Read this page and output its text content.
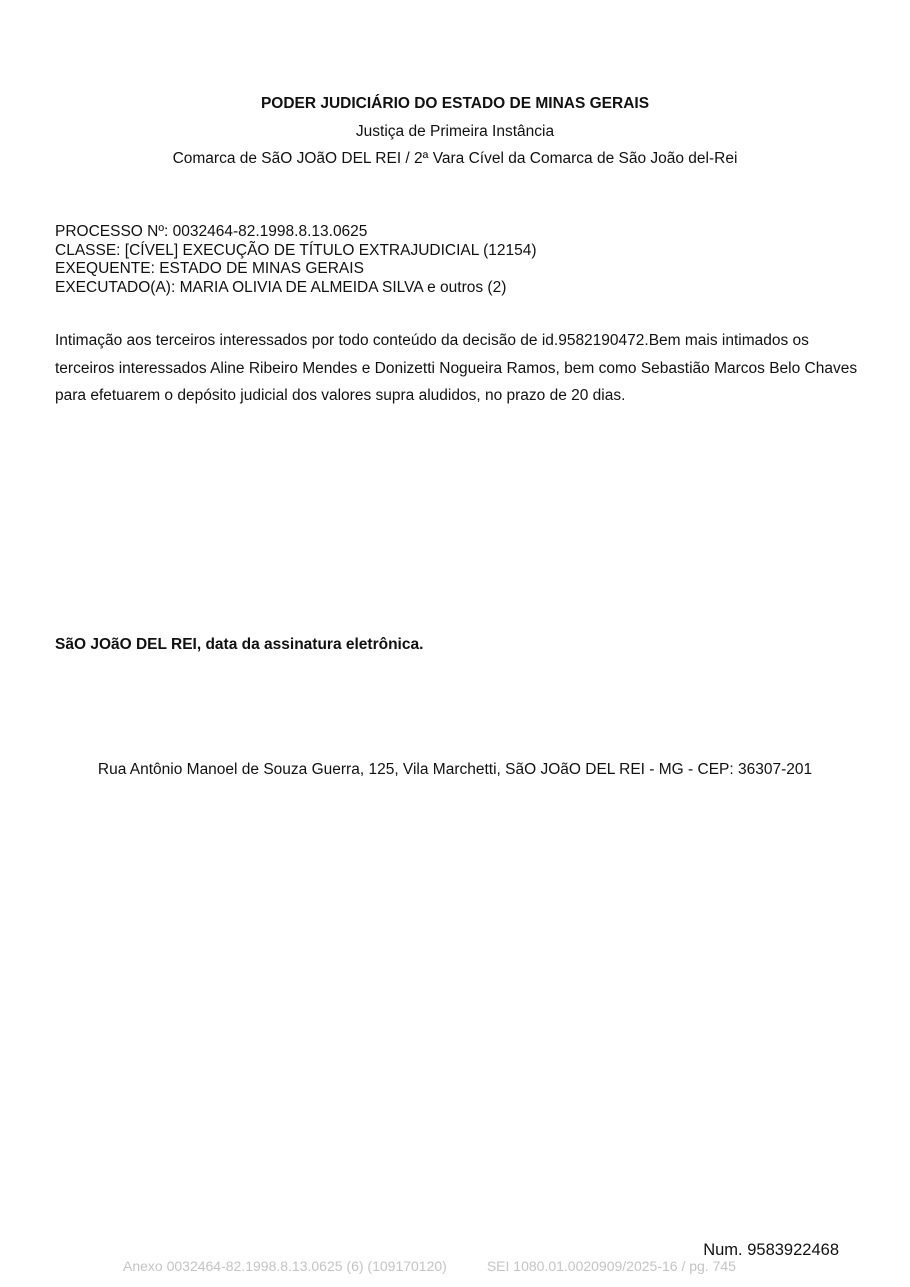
PODER JUDICIÁRIO DO ESTADO DE MINAS GERAIS
Justiça de Primeira Instância
Comarca de SãO JOãO DEL REI / 2ª Vara Cível da Comarca de São João del-Rei
PROCESSO Nº: 0032464-82.1998.8.13.0625
CLASSE: [CÍVEL] EXECUÇÃO DE TÍTULO EXTRAJUDICIAL (12154)
EXEQUENTE: ESTADO DE MINAS GERAIS
EXECUTADO(A): MARIA OLIVIA DE ALMEIDA SILVA e outros (2)
Intimação aos terceiros interessados por todo conteúdo da decisão de id.9582190472.Bem mais intimados os terceiros interessados Aline Ribeiro Mendes e Donizetti Nogueira Ramos, bem como Sebastião Marcos Belo Chaves para efetuarem o depósito judicial dos valores supra aludidos, no prazo de 20 dias.
SãO JOãO DEL REI, data da assinatura eletrônica.
Rua Antônio Manoel de Souza Guerra, 125, Vila Marchetti, SãO JOãO DEL REI - MG - CEP: 36307-201
Num. 9583922468
Anexo 0032464-82.1998.8.13.0625 (6) (109170120)	SEI 1080.01.0020909/2025-16 / pg. 745
